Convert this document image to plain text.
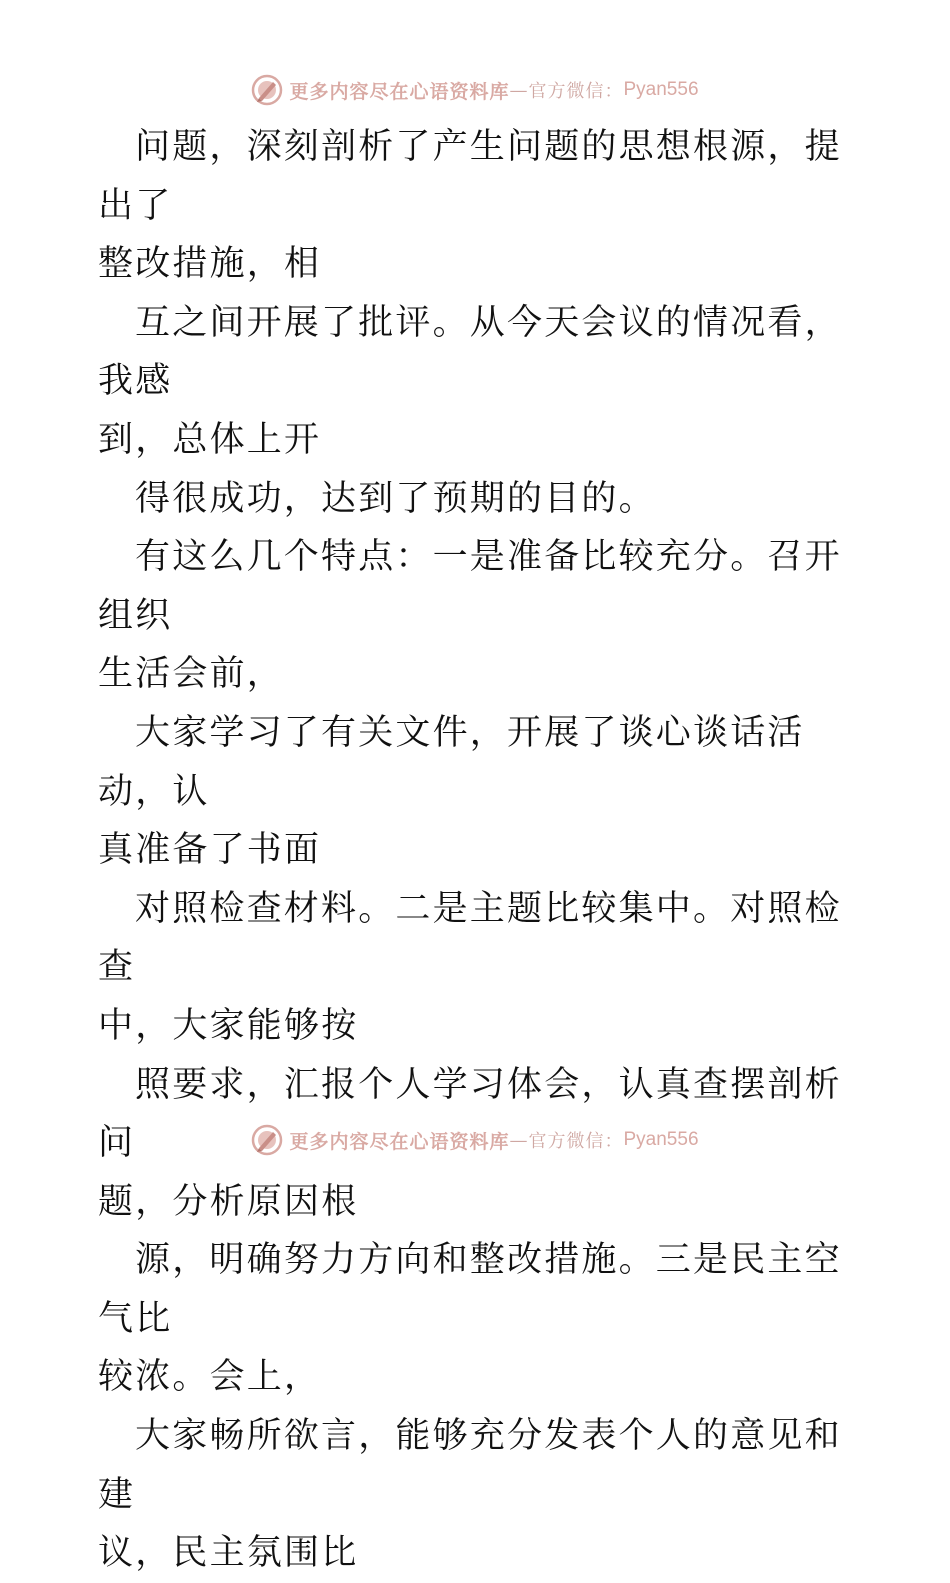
更多内容尽在心语资料库 — 官方微信： Pyan556

问题，深刻剖析了产生问题的思想根源，提出了
整改措施，相

互之间开展了批评。从今天会议的情况看，我感
到，总体上开

得很成功，达到了预期的目的。

有这么几个特点：一是准备比较充分。召开组织
生活会前，

大家学习了有关文件，开展了谈心谈话活动，认
真准备了书面

对照检查材料。二是主题比较集中。对照检查
中，大家能够按

照要求，汇报个人学习体会，认真查摆剖析问
题，分析原因根

源，明确努力方向和整改措施。三是民主空气比
较浓。会上，

大家畅所欲言，能够充分发表个人的意见和建
议，民主氛围比

更多内容尽在心语资料库 — 官方微信： Pyan556
